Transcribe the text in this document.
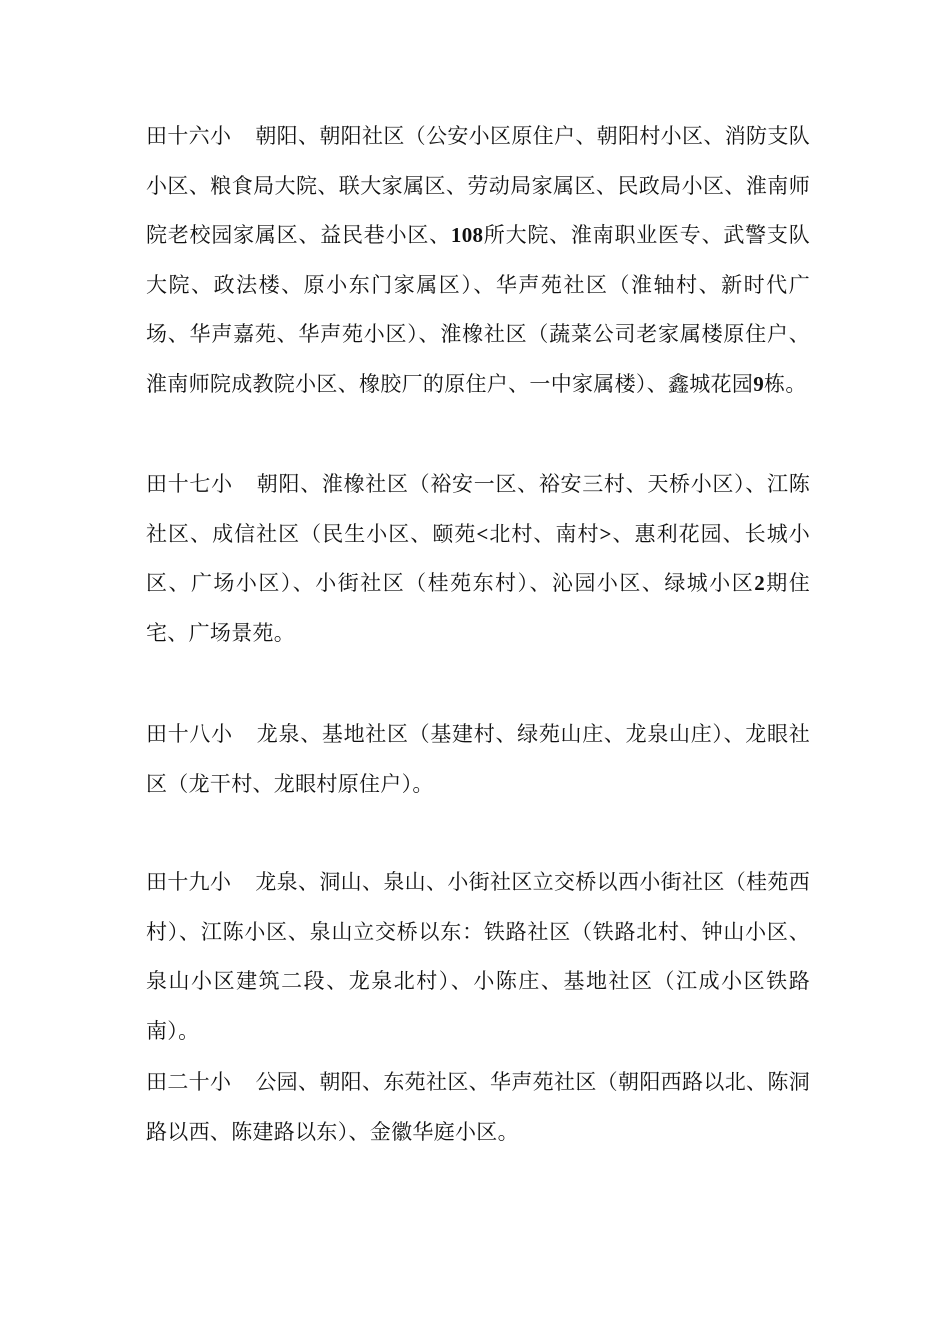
田十六小 朝阳、朝阳社区（公安小区原住户、朝阳村小区、消防支队小区、粮食局大院、联大家属区、劳动局家属区、民政局小区、淮南师院老校园家属区、益民巷小区、108所大院、淮南职业医专、武警支队大院、政法楼、原小东门家属区）、华声苑社区（淮轴村、新时代广场、华声嘉苑、华声苑小区）、淮橡社区（蔬菜公司老家属楼原住户、淮南师院成教院小区、橡胶厂的原住户、一中家属楼）、鑫城花园9栋。

田十七小 朝阳、淮橡社区（裕安一区、裕安三村、天桥小区）、江陈社区、成信社区（民生小区、颐苑<北村、南村>、惠利花园、长城小区、广场小区）、小街社区（桂苑东村）、沁园小区、绿城小区2期住宅、广场景苑。

田十八小 龙泉、基地社区（基建村、绿苑山庄、龙泉山庄）、龙眼社区（龙干村、龙眼村原住户）。

田十九小 龙泉、洞山、泉山、小街社区立交桥以西小街社区（桂苑西村）、江陈小区、泉山立交桥以东：铁路社区（铁路北村、钟山小区、泉山小区建筑二段、龙泉北村）、小陈庄、基地社区（江成小区铁路南）。

田二十小 公园、朝阳、东苑社区、华声苑社区（朝阳西路以北、陈洞路以西、陈建路以东）、金徽华庭小区。
